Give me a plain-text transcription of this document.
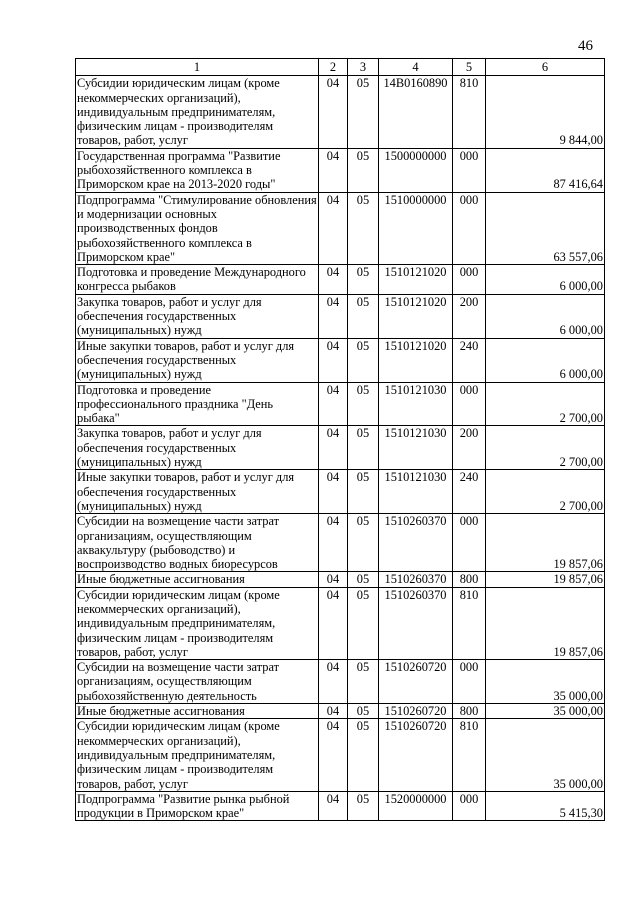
46
1	2	3	4	5	6
Субсидии юридическим лицам (кроме некоммерческих организаций), индивидуальным предпринимателям, физическим лицам - производителям товаров, работ, услуг	04	05	14В0160890	810	9 844,00
Государственная программа "Развитие рыбохозяйственного комплекса в Приморском крае на 2013-2020 годы"	04	05	1500000000	000	87 416,64
Подпрограмма "Стимулирование обновления и модернизации основных производственных фондов рыбохозяйственного комплекса в Приморском крае"	04	05	1510000000	000	63 557,06
Подготовка и проведение Международного конгресса рыбаков	04	05	1510121020	000	6 000,00
Закупка товаров, работ и услуг для обеспечения государственных (муниципальных) нужд	04	05	1510121020	200	6 000,00
Иные закупки товаров, работ и услуг для обеспечения государственных (муниципальных) нужд	04	05	1510121020	240	6 000,00
Подготовка и проведение профессионального праздника "День рыбака"	04	05	1510121030	000	2 700,00
Закупка товаров, работ и услуг для обеспечения государственных (муниципальных) нужд	04	05	1510121030	200	2 700,00
Иные закупки товаров, работ и услуг для обеспечения государственных (муниципальных) нужд	04	05	1510121030	240	2 700,00
Субсидии на возмещение части затрат организациям, осуществляющим аквакультуру (рыбоводство) и воспроизводство водных биоресурсов	04	05	1510260370	000	19 857,06
Иные бюджетные ассигнования	04	05	1510260370	800	19 857,06
Субсидии юридическим лицам (кроме некоммерческих организаций), индивидуальным предпринимателям, физическим лицам - производителям товаров, работ, услуг	04	05	1510260370	810	19 857,06
Субсидии на возмещение части затрат организациям, осуществляющим рыбохозяйственную деятельность	04	05	1510260720	000	35 000,00
Иные бюджетные ассигнования	04	05	1510260720	800	35 000,00
Субсидии юридическим лицам (кроме некоммерческих организаций), индивидуальным предпринимателям, физическим лицам - производителям товаров, работ, услуг	04	05	1510260720	810	35 000,00
Подпрограмма "Развитие рынка рыбной продукции в Приморском крае"	04	05	1520000000	000	5 415,30
